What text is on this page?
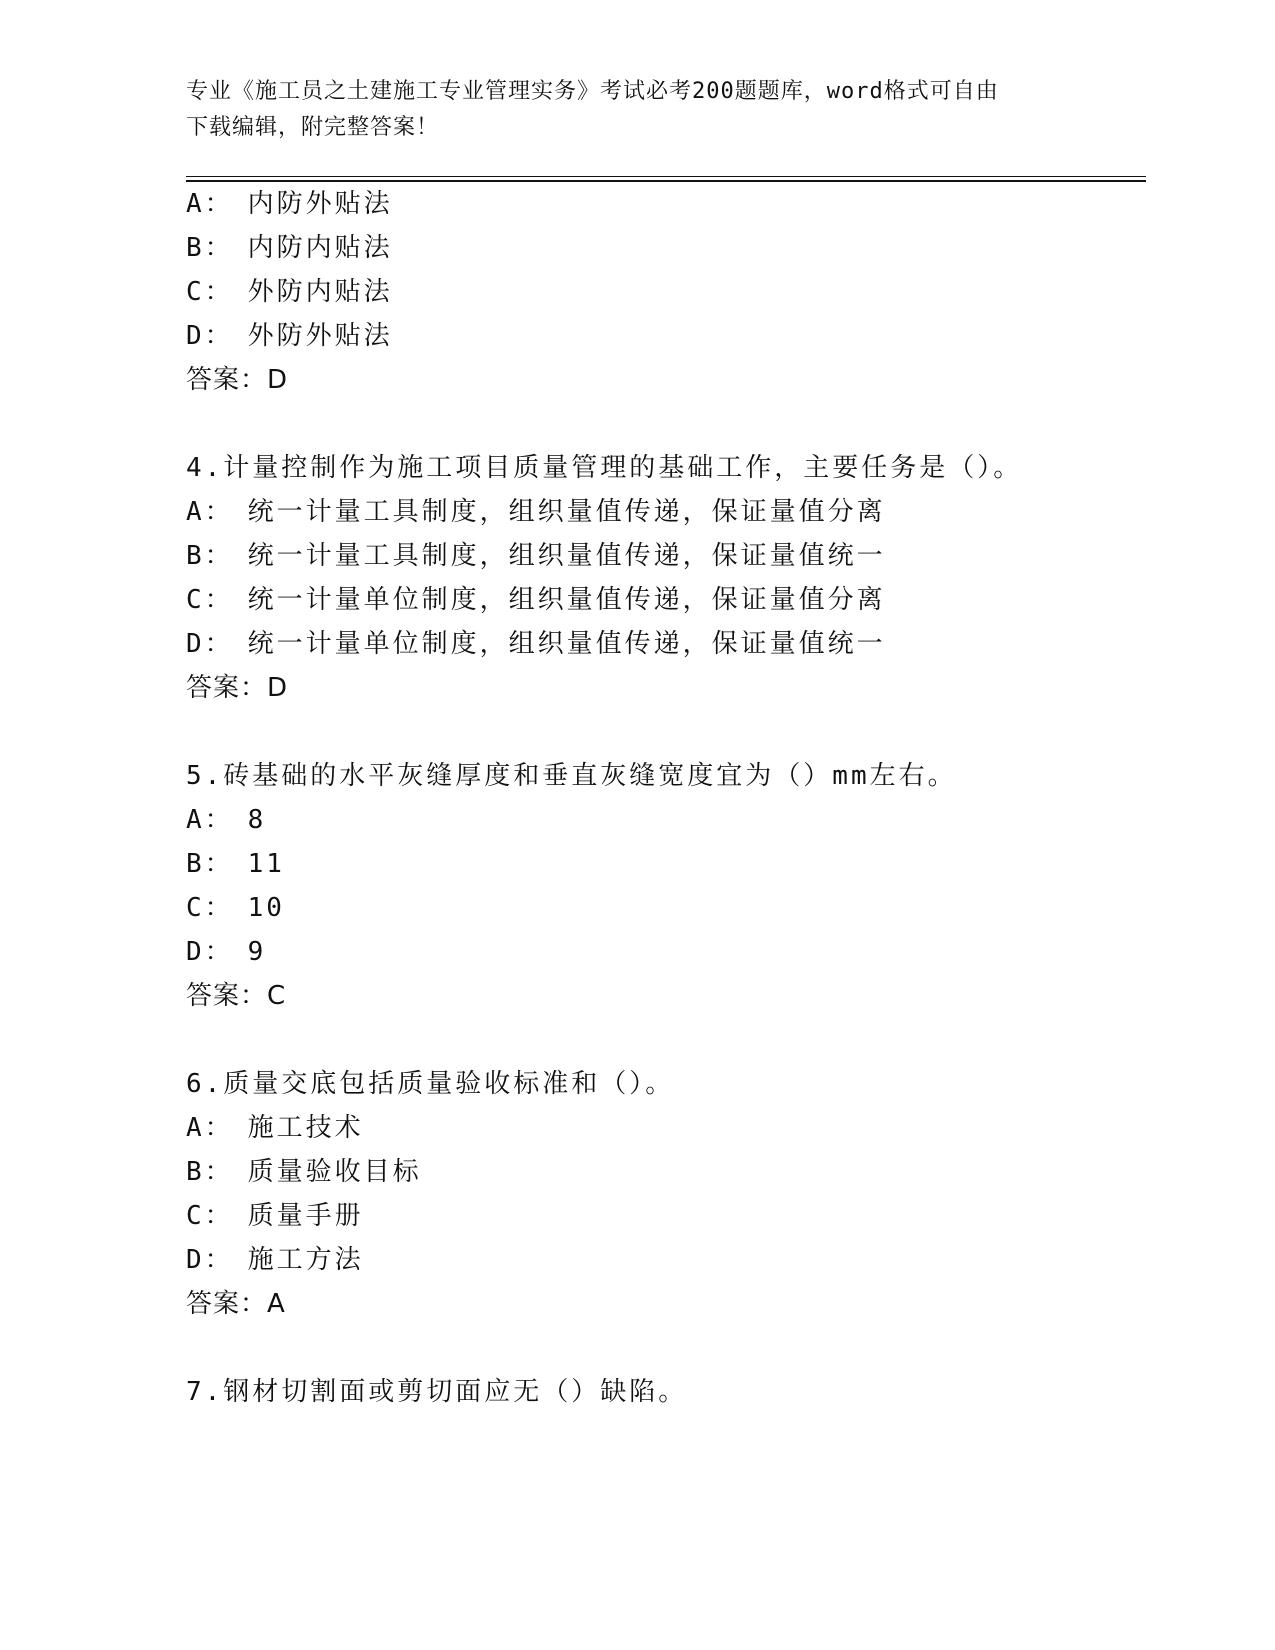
专业《施工员之土建施工专业管理实务》考试必考200题题库，word格式可自由
下载编辑，附完整答案！
A： 内防外贴法
B： 内防内贴法
C： 外防内贴法
D： 外防外贴法
答案：D
4.计量控制作为施工项目质量管理的基础工作，主要任务是（）。
A： 统一计量工具制度，组织量值传递，保证量值分离
B： 统一计量工具制度，组织量值传递，保证量值统一
C： 统一计量单位制度，组织量值传递，保证量值分离
D： 统一计量单位制度，组织量值传递，保证量值统一
答案：D
5.砖基础的水平灰缝厚度和垂直灰缝宽度宜为（）mm左右。
A： 8
B： 11
C： 10
D： 9
答案：C
6.质量交底包括质量验收标准和（）。
A： 施工技术
B： 质量验收目标
C： 质量手册
D： 施工方法
答案：A
7.钢材切割面或剪切面应无（）缺陷。
